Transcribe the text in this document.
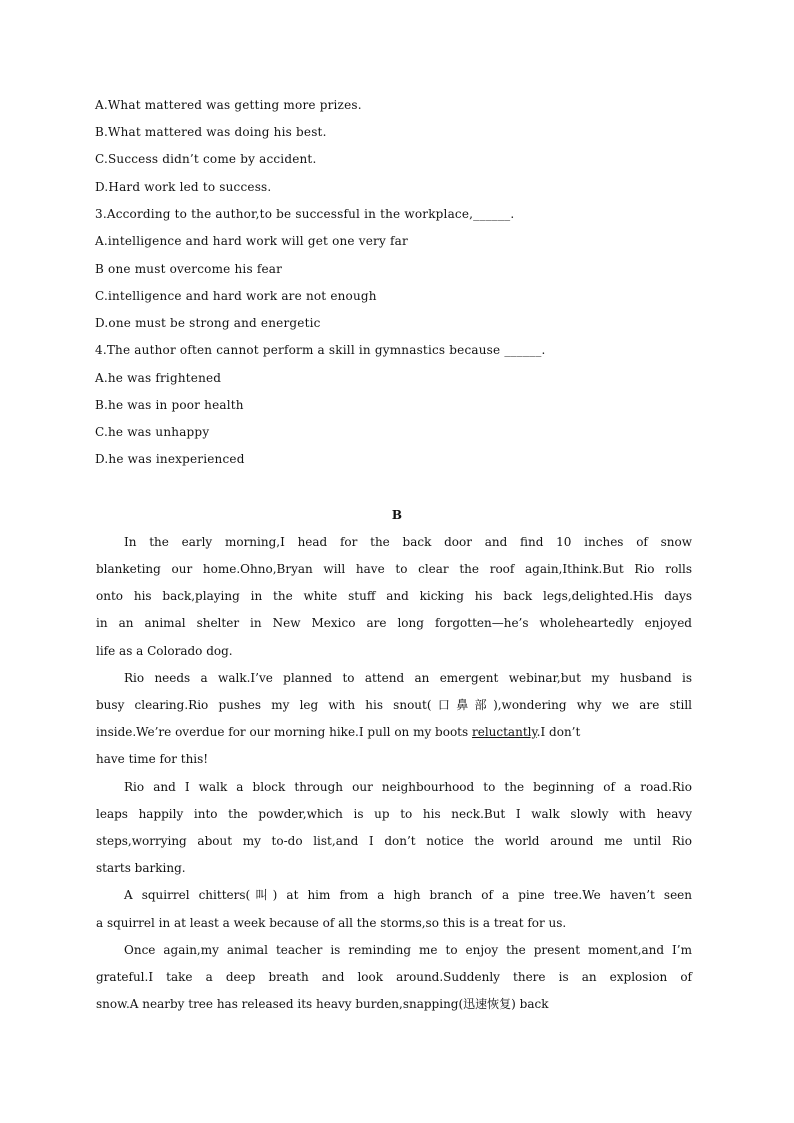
A.What mattered was getting more prizes.
B.What mattered was doing his best.
C.Success didn’t come by accident.
D.Hard work led to success.
3.According to the author,to be successful in the workplace,______.
A.intelligence and hard work will get one very far
B one must overcome his fear
C.intelligence and hard work are not enough
D.one must be strong and energetic
4.The author often cannot perform a skill in gymnastics because ______.
A.he was frightened
B.he was in poor health
C.he was unhappy
D.he was inexperienced
B
In the early morning,I head for the back door and find 10 inches of snow
blanketing our home.Ohno,Bryan will have to clear the roof again,Ithink.But Rio rolls
onto his back,playing in the white stuff and kicking his back legs,delighted.His days
in an animal shelter in New Mexico are long forgotten—he’s wholeheartedly enjoyed
life as a Colorado dog.
Rio needs a walk.I’ve planned to attend an emergent webinar,but my husband is
busy clearing.Rio pushes my leg with his snout(口鼻部),wondering why we are still
inside.We’re overdue for our morning hike.I pull on my boots reluctantly.I don’t
have time for this!
Rio and I walk a block through our neighbourhood to the beginning of a road.Rio
leaps happily into the powder,which is up to his neck.But I walk slowly with heavy
steps,worrying about my to-do list,and I don’t notice the world around me until Rio
starts barking.
A squirrel chitters(叫) at him from a high branch of a pine tree.We haven’t seen
a squirrel in at least a week because of all the storms,so this is a treat for us.
Once again,my animal teacher is reminding me to enjoy the present moment,and I’m
grateful.I take a deep breath and look around.Suddenly there is an explosion of
snow.A nearby tree has released its heavy burden,snapping(迅速恢复) back
